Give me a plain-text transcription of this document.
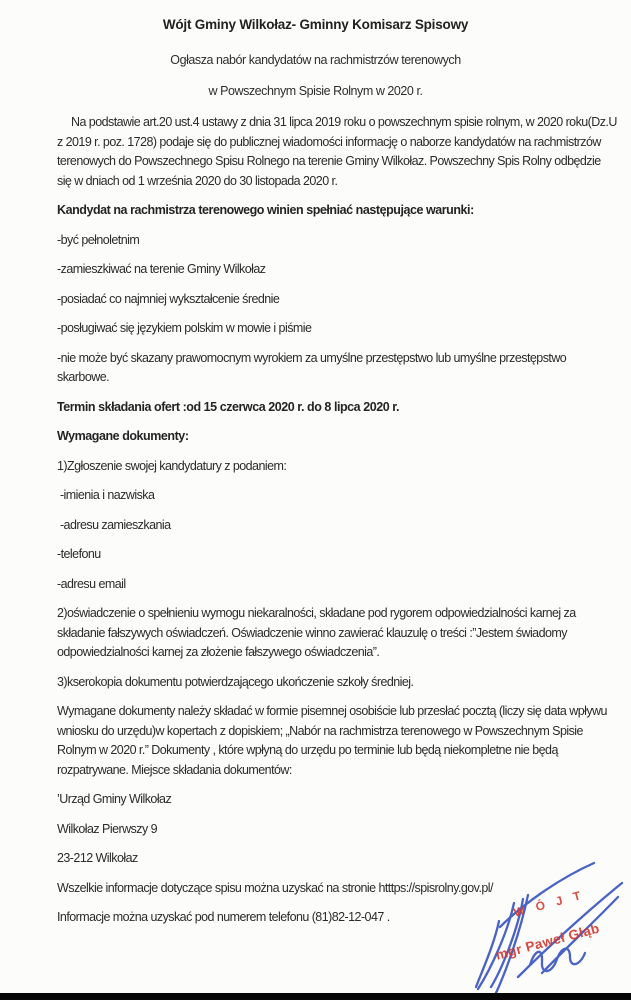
Wójt Gminy Wilkołaz- Gminny Komisarz Spisowy
Ogłasza nabór kandydatów na rachmistrzów terenowych
w Powszechnym Spisie Rolnym w 2020 r.

Na podstawie art.20 ust.4 ustawy z dnia 31 lipca 2019 roku o powszechnym spisie rolnym, w 2020 roku(Dz.U z 2019 r. poz. 1728) podaje się do publicznej wiadomości informację o naborze kandydatów na rachmistrzów terenowych do Powszechnego Spisu Rolnego na terenie Gminy Wilkołaz. Powszechny Spis Rolny odbędzie się w dniach od 1 września 2020 do 30 listopada 2020 r.

Kandydat na rachmistrza terenowego winien spełniać następujące warunki:

-być pełnoletnim

-zamieszkiwać na terenie Gminy Wilkołaz

-posiadać co najmniej wykształcenie średnie

-posługiwać się językiem polskim w mowie i piśmie

-nie może być skazany prawomocnym wyrokiem za umyślne przestępstwo lub umyślne przestępstwo skarbowe.

Termin składania ofert :od 15 czerwca 2020 r. do 8 lipca 2020 r.

Wymagane dokumenty:

1)Zgłoszenie swojej kandydatury z podaniem:

-imienia i nazwiska

-adresu zamieszkania

-telefonu

-adresu email

2)oświadczenie o spełnieniu wymogu niekaralności, składane pod rygorem odpowiedzialności karnej za składanie fałszywych oświadczeń. Oświadczenie winno zawierać klauzulę o treści :”Jestem świadomy odpowiedzialności karnej za złożenie fałszywego oświadczenia”.

3)kserokopia dokumentu potwierdzającego ukończenie szkoły średniej.

Wymagane dokumenty należy składać w formie pisemnej osobiście lub przesłać pocztą (liczy się data wpływu wniosku do urzędu)w kopertach z dopiskiem; „Nabór na rachmistrza terenowego w Powszechnym Spisie Rolnym w 2020 r.” Dokumenty , które wpłyną do urzędu po terminie lub będą niekompletne nie będą rozpatrywane. Miejsce składania dokumentów:

’Urząd Gminy Wilkołaz

Wilkołaz Pierwszy 9

23-212 Wilkołaz

Wszelkie informacje dotyczące spisu można uzyskać na stronie htttps://spisrolny.gov.pl/

Informacje można uzyskać pod numerem telefonu (81)82-12-047 .	W Ó J T
mgr Paweł Głąb
